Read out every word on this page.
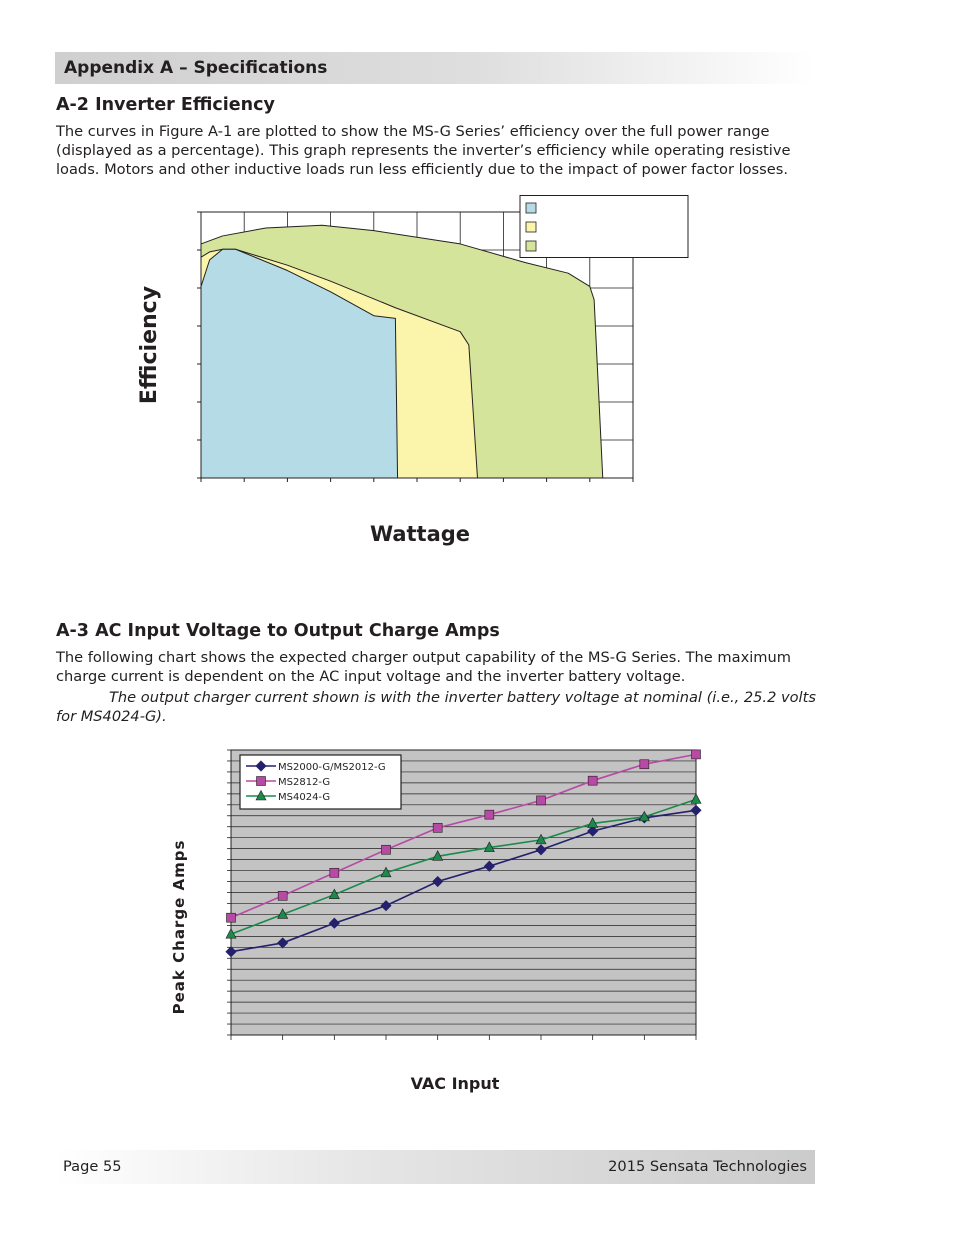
Appendix A – Specifications
A-2 Inverter Efficiency

The curves in Figure A-1 are plotted to show the MS-G Series’ efficiency over the full power range (displayed as a percentage). This graph represents the inverter’s efficiency while operating resistive loads. Motors and other inductive loads run less efficiently due to the impact of power factor losses.

Efficiency
Wattage
A-3 AC Input Voltage to Output Charge Amps

The following chart shows the expected charger output capability of the MS-G Series. The maximum charge current is dependent on the AC input voltage and the inverter battery voltage.

The output charger current shown is with the inverter battery voltage at nominal (i.e., 25.2 volts for MS4024-G).

Peak Charge Amps
VAC Input
MS2000-G/MS2012-G
MS2812-G
MS4024-G
Page 55	2015 Sensata Technologies
